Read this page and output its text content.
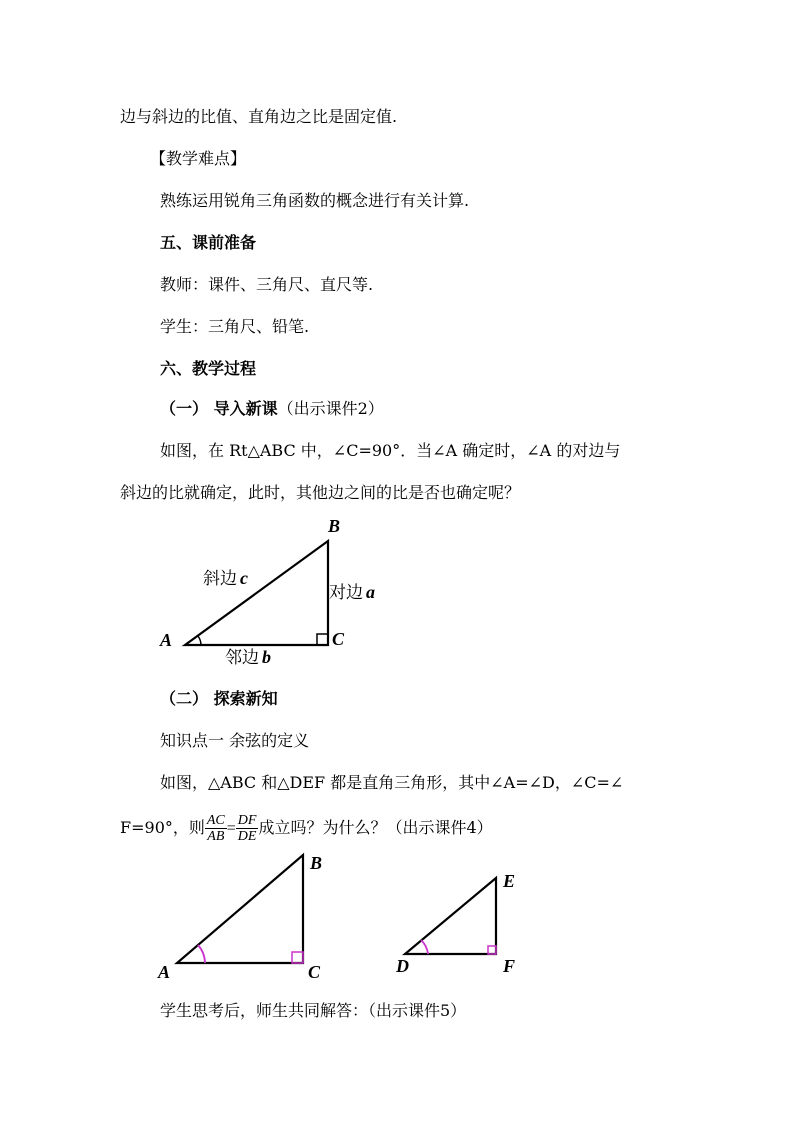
边与斜边的比值、直角边之比是固定值.
【教学难点】
熟练运用锐角三角函数的概念进行有关计算.
五、课前准备
教师：课件、三角尺、直尺等.
学生：三角尺、铅笔.
六、教学过程
（一） 导入新课（出示课件2）
如图，在 Rt△ABC 中，∠C=90°．当∠A 确定时，∠A 的对边与
斜边的比就确定，此时，其他边之间的比是否也确定呢？
A
B
C
斜边 c
对边 a
邻边 b
（二） 探索新知
知识点一 余弦的定义
如图，△ABC 和△DEF 都是直角三角形，其中∠A=∠D，∠C=∠
F=90°，则 $\frac{AC}{AB} = \frac{DF}{DE}$ 成立吗？为什么？（出示课件4）
A
B
C	D
E
F
学生思考后，师生共同解答：（出示课件5）
